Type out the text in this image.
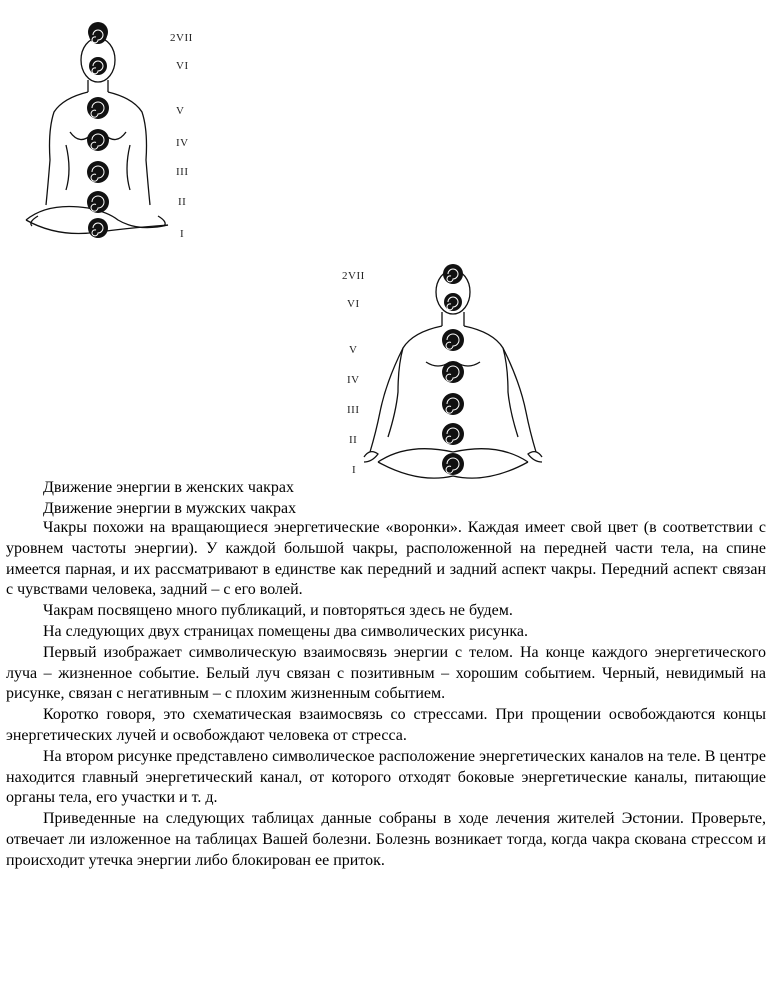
2VII
VI
V
IV
III
II
I
2VII
VI
V
IV
III
II
I
Движение энергии в женских чакрах
Движение энергии в мужских чакрах

Чакры похожи на вращающиеся энергетические «воронки». Каждая имеет свой цвет (в соответствии с уровнем частоты энергии). У каждой большой чакры, расположенной на передней части тела, на спине имеется парная, и их рассматривают в единстве как передний и задний аспект чакры. Передний аспект связан с чувствами человека, задний – с его волей.

Чакрам посвящено много публикаций, и повторяться здесь не будем.

На следующих двух страницах помещены два символических рисунка.

Первый изображает символическую взаимосвязь энергии с телом. На конце каждого энергетического луча – жизненное событие. Белый луч связан с позитивным – хорошим событием. Черный, невидимый на рисунке, связан с негативным – с плохим жизненным событием.

Коротко говоря, это схематическая взаимосвязь со стрессами. При прощении освобождаются концы энергетических лучей и освобождают человека от стресса.

На втором рисунке представлено символическое расположение энергетических каналов на теле. В центре находится главный энергетический канал, от которого отходят боковые энергетические каналы, питающие органы тела, его участки и т. д.

Приведенные на следующих таблицах данные собраны в ходе лечения жителей Эстонии. Проверьте, отвечает ли изложенное на таблицах Вашей болезни. Болезнь возникает тогда, когда чакра скована стрессом и происходит утечка энергии либо блокирован ее приток.
